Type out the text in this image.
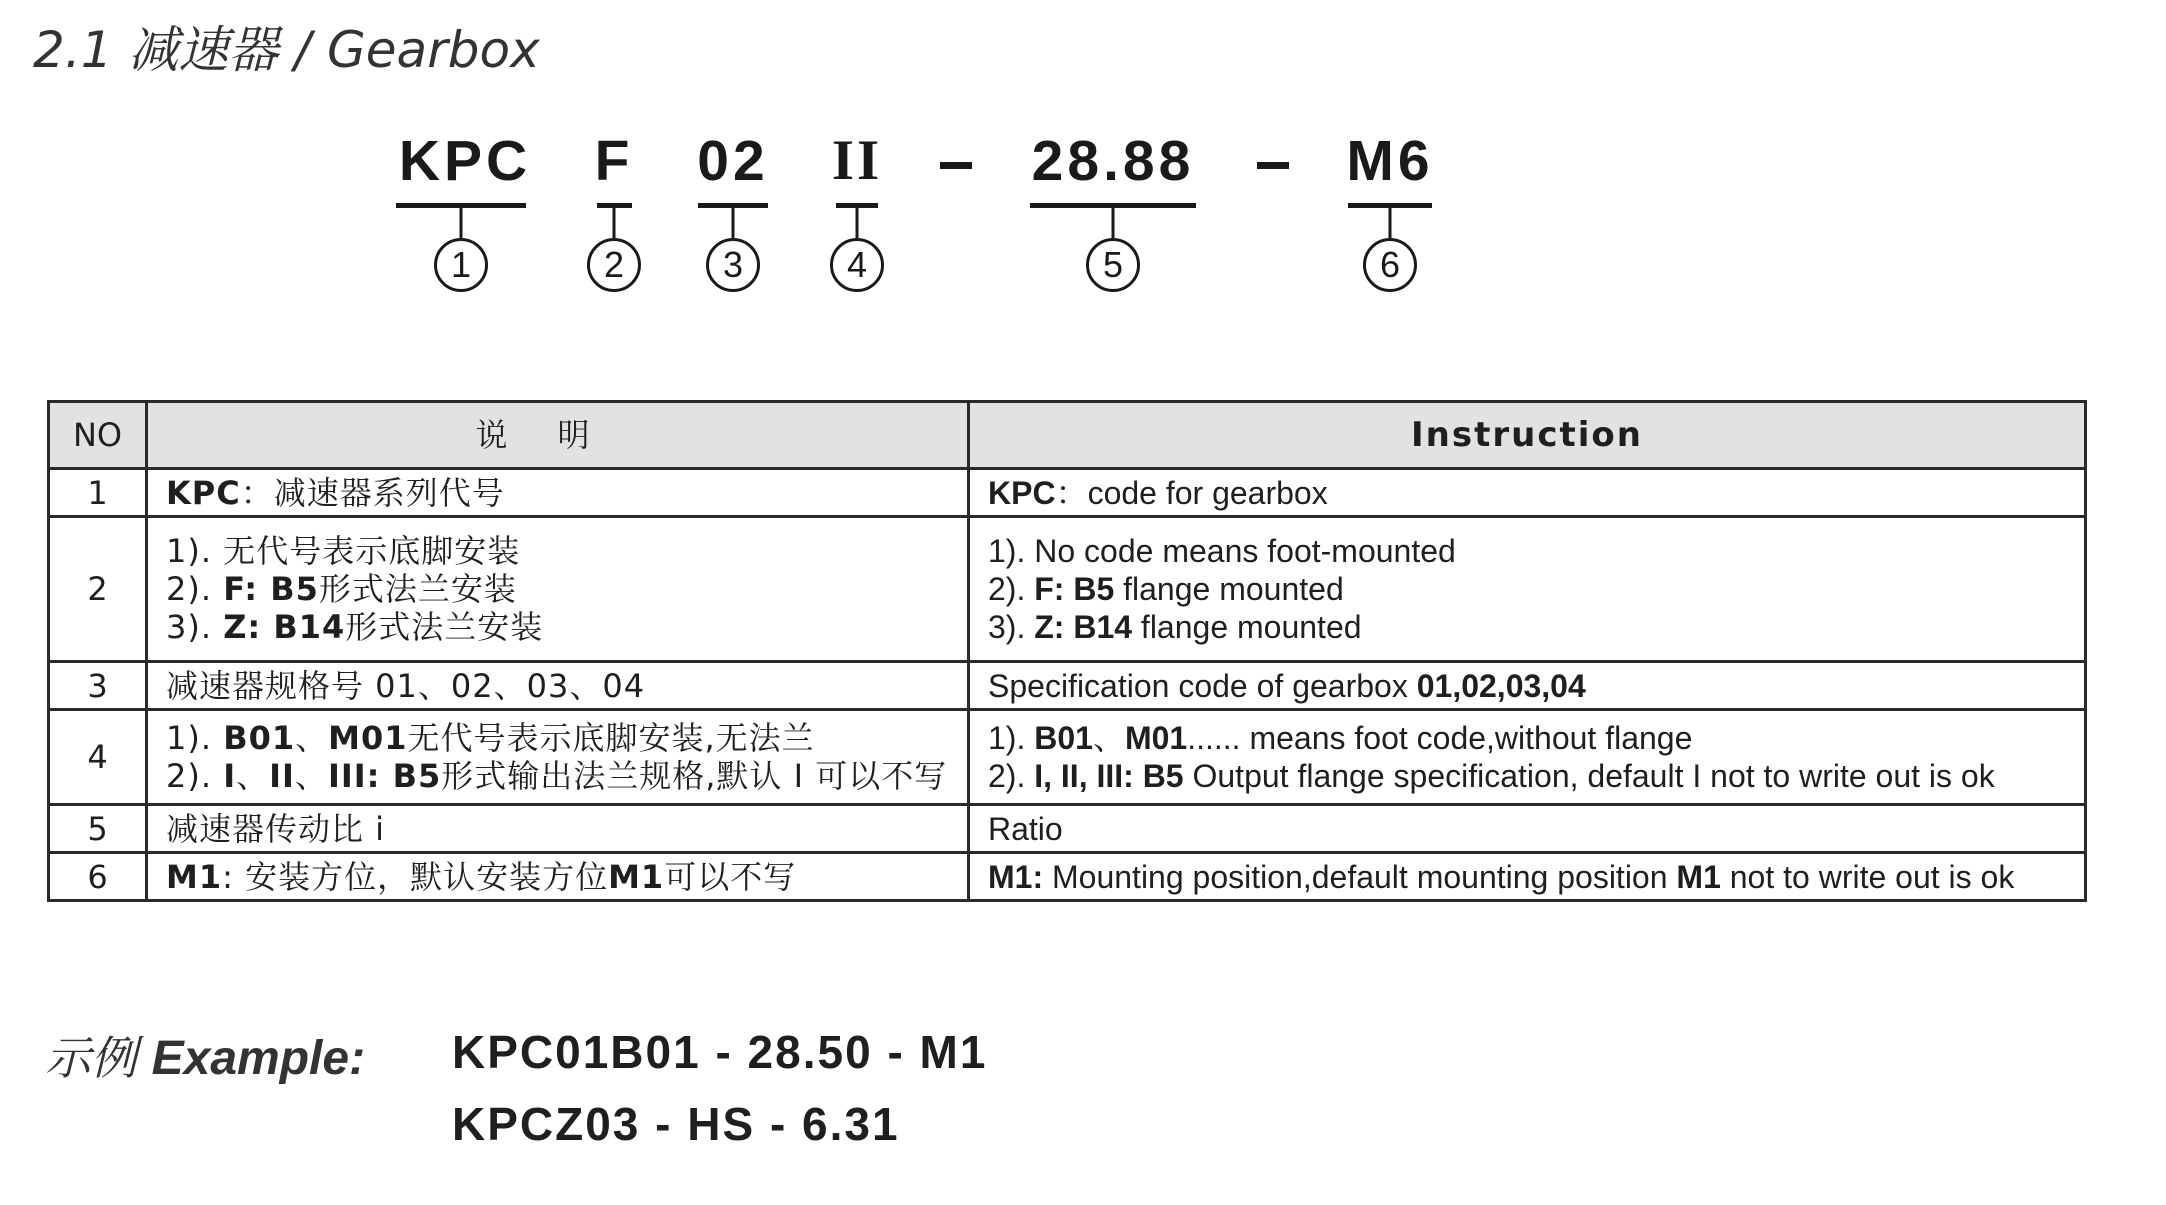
2.1 减速器 / Gearbox
KPC F 02 II	28.88	M6
1	2	3	4	5	6
NO	说明	Instruction
1	KPC：减速器系列代号	KPC：code for gearbox
2	1). 无代号表示底脚安装
2). F: B5形式法兰安装
3). Z: B14形式法兰安装	1). No code means foot-mounted
2). F: B5 flange mounted
3). Z: B14 flange mounted
3	减速器规格号 01、02、03、04	Specification code of gearbox 01,02,03,04
4	1). B01、M01无代号表示底脚安装,无法兰
2). I、II、III: B5形式输出法兰规格,默认 I 可以不写	1). B01、M01...... means foot code,without flange
2). I, II, III: B5 Output flange specification, default I not to write out is ok
5	减速器传动比 i	Ratio
6	M1: 安装方位，默认安装方位M1可以不写	M1: Mounting position,default mounting position M1 not to write out is ok
示例 Example: KPC01B01 - 28.50 - M1
KPCZ03 - HS - 6.31
